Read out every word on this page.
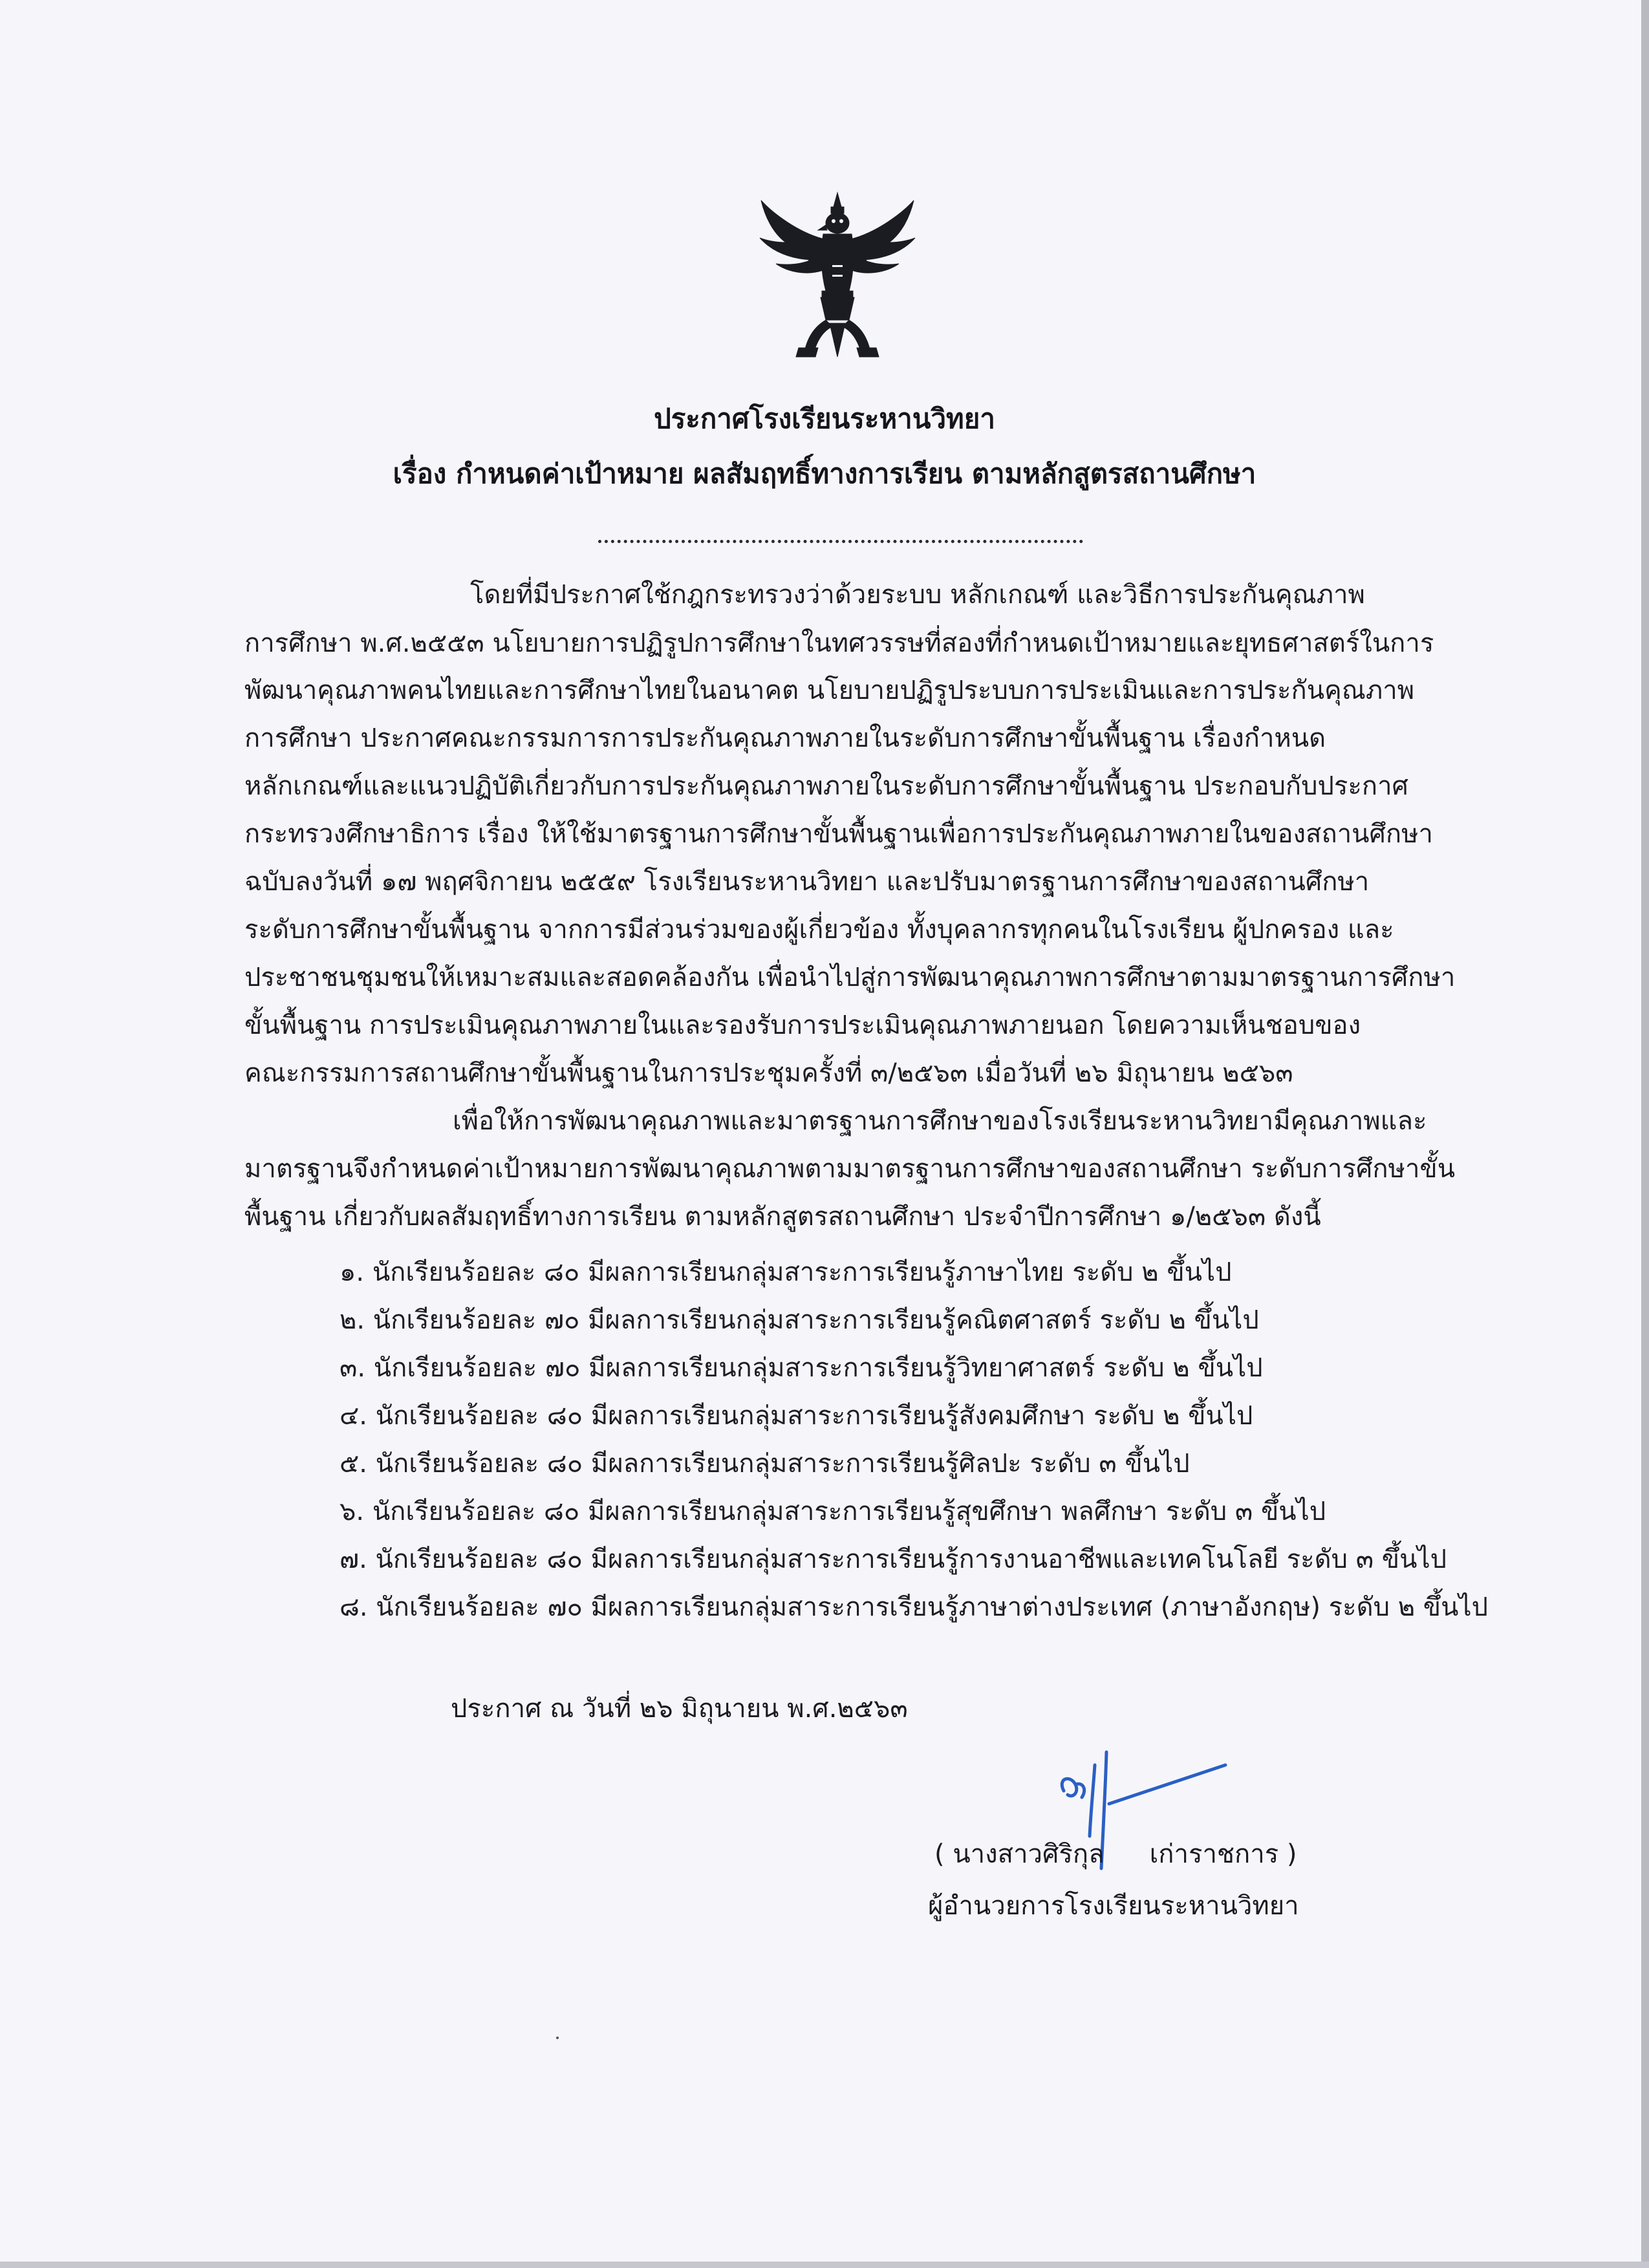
ประกาศโรงเรียนระหานวิทยา
เรื่อง กำหนดค่าเป้าหมาย ผลสัมฤทธิ์ทางการเรียน ตามหลักสูตรสถานศึกษา
โดยที่มีประกาศใช้กฎกระทรวงว่าด้วยระบบ หลักเกณฑ์ และวิธีการประกันคุณภาพ
การศึกษา พ.ศ.๒๕๕๓ นโยบายการปฏิรูปการศึกษาในทศวรรษที่สองที่กำหนดเป้าหมายและยุทธศาสตร์ในการ
พัฒนาคุณภาพคนไทยและการศึกษาไทยในอนาคต นโยบายปฏิรูประบบการประเมินและการประกันคุณภาพ
การศึกษา ประกาศคณะกรรมการการประกันคุณภาพภายในระดับการศึกษาขั้นพื้นฐาน เรื่องกำหนด
หลักเกณฑ์และแนวปฏิบัติเกี่ยวกับการประกันคุณภาพภายในระดับการศึกษาขั้นพื้นฐาน ประกอบกับประกาศ
กระทรวงศึกษาธิการ เรื่อง ให้ใช้มาตรฐานการศึกษาขั้นพื้นฐานเพื่อการประกันคุณภาพภายในของสถานศึกษา
ฉบับลงวันที่ ๑๗ พฤศจิกายน ๒๕๕๙ โรงเรียนระหานวิทยา และปรับมาตรฐานการศึกษาของสถานศึกษา
ระดับการศึกษาขั้นพื้นฐาน จากการมีส่วนร่วมของผู้เกี่ยวข้อง ทั้งบุคลากรทุกคนในโรงเรียน ผู้ปกครอง และ
ประชาชนชุมชนให้เหมาะสมและสอดคล้องกัน เพื่อนำไปสู่การพัฒนาคุณภาพการศึกษาตามมาตรฐานการศึกษา
ขั้นพื้นฐาน การประเมินคุณภาพภายในและรองรับการประเมินคุณภาพภายนอก โดยความเห็นชอบของ
คณะกรรมการสถานศึกษาขั้นพื้นฐานในการประชุมครั้งที่ ๓/๒๕๖๓ เมื่อวันที่ ๒๖ มิถุนายน ๒๕๖๓
เพื่อให้การพัฒนาคุณภาพและมาตรฐานการศึกษาของโรงเรียนระหานวิทยามีคุณภาพและ
มาตรฐานจึงกำหนดค่าเป้าหมายการพัฒนาคุณภาพตามมาตรฐานการศึกษาของสถานศึกษา ระดับการศึกษาขั้น
พื้นฐาน เกี่ยวกับผลสัมฤทธิ์ทางการเรียน ตามหลักสูตรสถานศึกษา ประจำปีการศึกษา ๑/๒๕๖๓ ดังนี้
๑. นักเรียนร้อยละ ๘๐ มีผลการเรียนกลุ่มสาระการเรียนรู้ภาษาไทย ระดับ ๒ ขึ้นไป
๒. นักเรียนร้อยละ ๗๐ มีผลการเรียนกลุ่มสาระการเรียนรู้คณิตศาสตร์ ระดับ ๒ ขึ้นไป
๓. นักเรียนร้อยละ ๗๐ มีผลการเรียนกลุ่มสาระการเรียนรู้วิทยาศาสตร์ ระดับ ๒ ขึ้นไป
๔. นักเรียนร้อยละ ๘๐ มีผลการเรียนกลุ่มสาระการเรียนรู้สังคมศึกษา ระดับ ๒ ขึ้นไป
๕. นักเรียนร้อยละ ๘๐ มีผลการเรียนกลุ่มสาระการเรียนรู้ศิลปะ ระดับ ๓ ขึ้นไป
๖. นักเรียนร้อยละ ๘๐ มีผลการเรียนกลุ่มสาระการเรียนรู้สุขศึกษา พลศึกษา ระดับ ๓ ขึ้นไป
๗. นักเรียนร้อยละ ๘๐ มีผลการเรียนกลุ่มสาระการเรียนรู้การงานอาชีพและเทคโนโลยี ระดับ ๓ ขึ้นไป
๘. นักเรียนร้อยละ ๗๐ มีผลการเรียนกลุ่มสาระการเรียนรู้ภาษาต่างประเทศ (ภาษาอังกฤษ) ระดับ ๒ ขึ้นไป
ประกาศ ณ วันที่ ๒๖ มิถุนายน พ.ศ.๒๕๖๓
( นางสาวศิริกุล เก่าราชการ )
ผู้อำนวยการโรงเรียนระหานวิทยา
